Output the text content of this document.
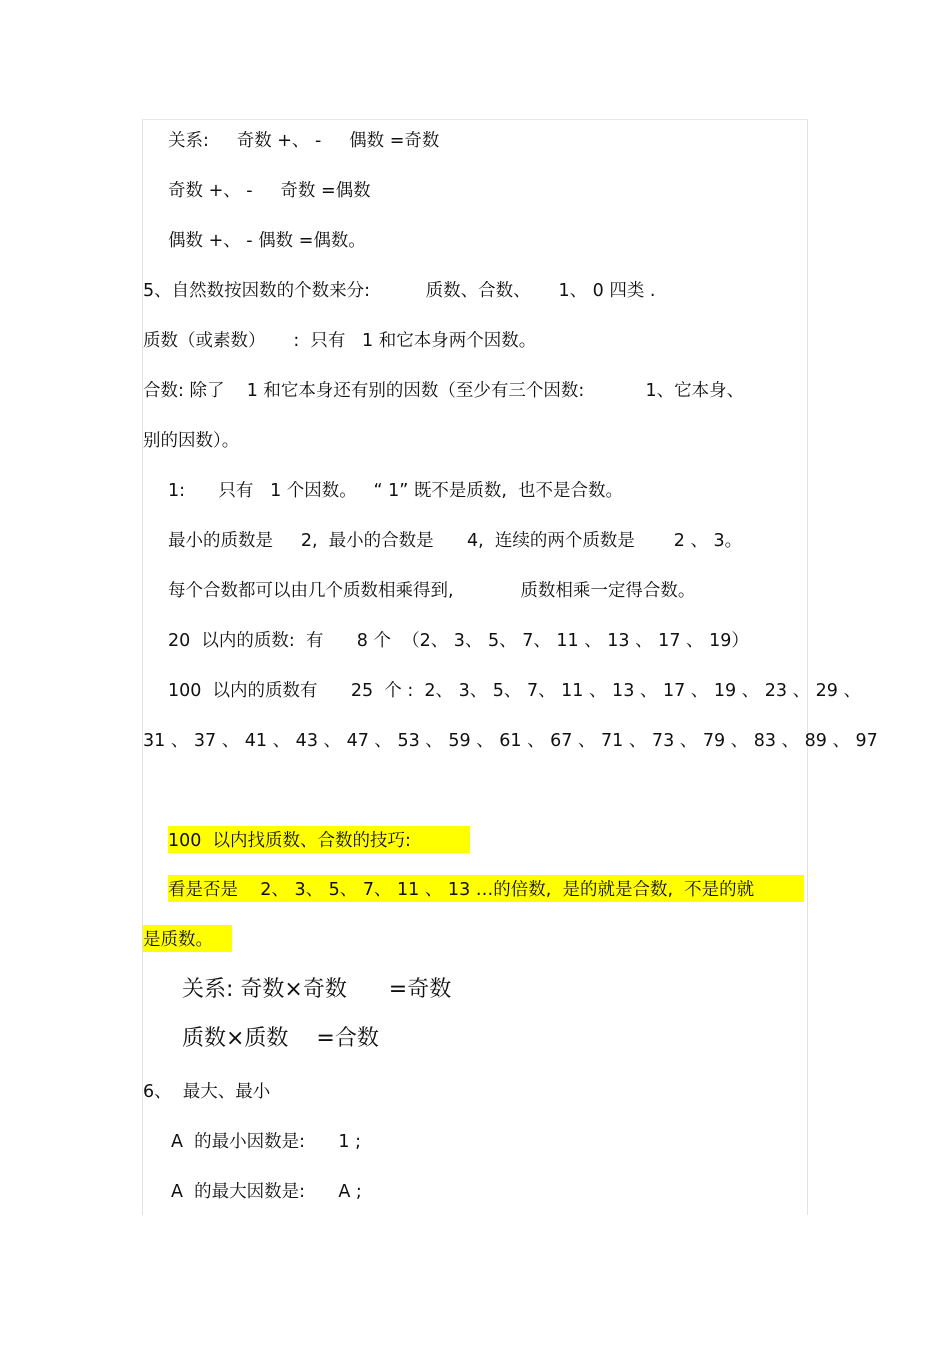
关系:     奇数 +、 -     偶数 =奇数
奇数 +、 -     奇数 =偶数
偶数 +、 - 偶数 =偶数。
5、自然数按因数的个数来分:          质数、合数、     1、 0 四类 .
质数（或素数）     :  只有   1 和它本身两个因数。
合数: 除了    1 和它本身还有别的因数（至少有三个因数:           1、它本身、
别的因数）。
1:      只有   1 个因数。   “ 1” 既不是质数,  也不是合数。
最小的质数是     2,  最小的合数是      4,  连续的两个质数是       2 、 3。
每个合数都可以由几个质数相乘得到,            质数相乘一定得合数。
20  以内的质数:  有      8 个  （2、 3、 5、 7、 11 、 13 、 17 、 19）
100  以内的质数有      25  个 :  2、 3、 5、 7、 11 、 13 、 17 、 19 、 23 、 29 、
31 、 37 、 41 、 43 、 47 、 53 、 59 、 61 、 67 、 71 、 73 、 79 、 83 、 89 、 97
100  以内找质数、合数的技巧:
看是否是    2、 3、 5、 7、 11 、 13 …的倍数,  是的就是合数,  不是的就
是质数。
关系: 奇数×奇数      =奇数
质数×质数    =合数
6、  最大、最小
A  的最小因数是:      1 ;
A  的最大因数是:      A ;
